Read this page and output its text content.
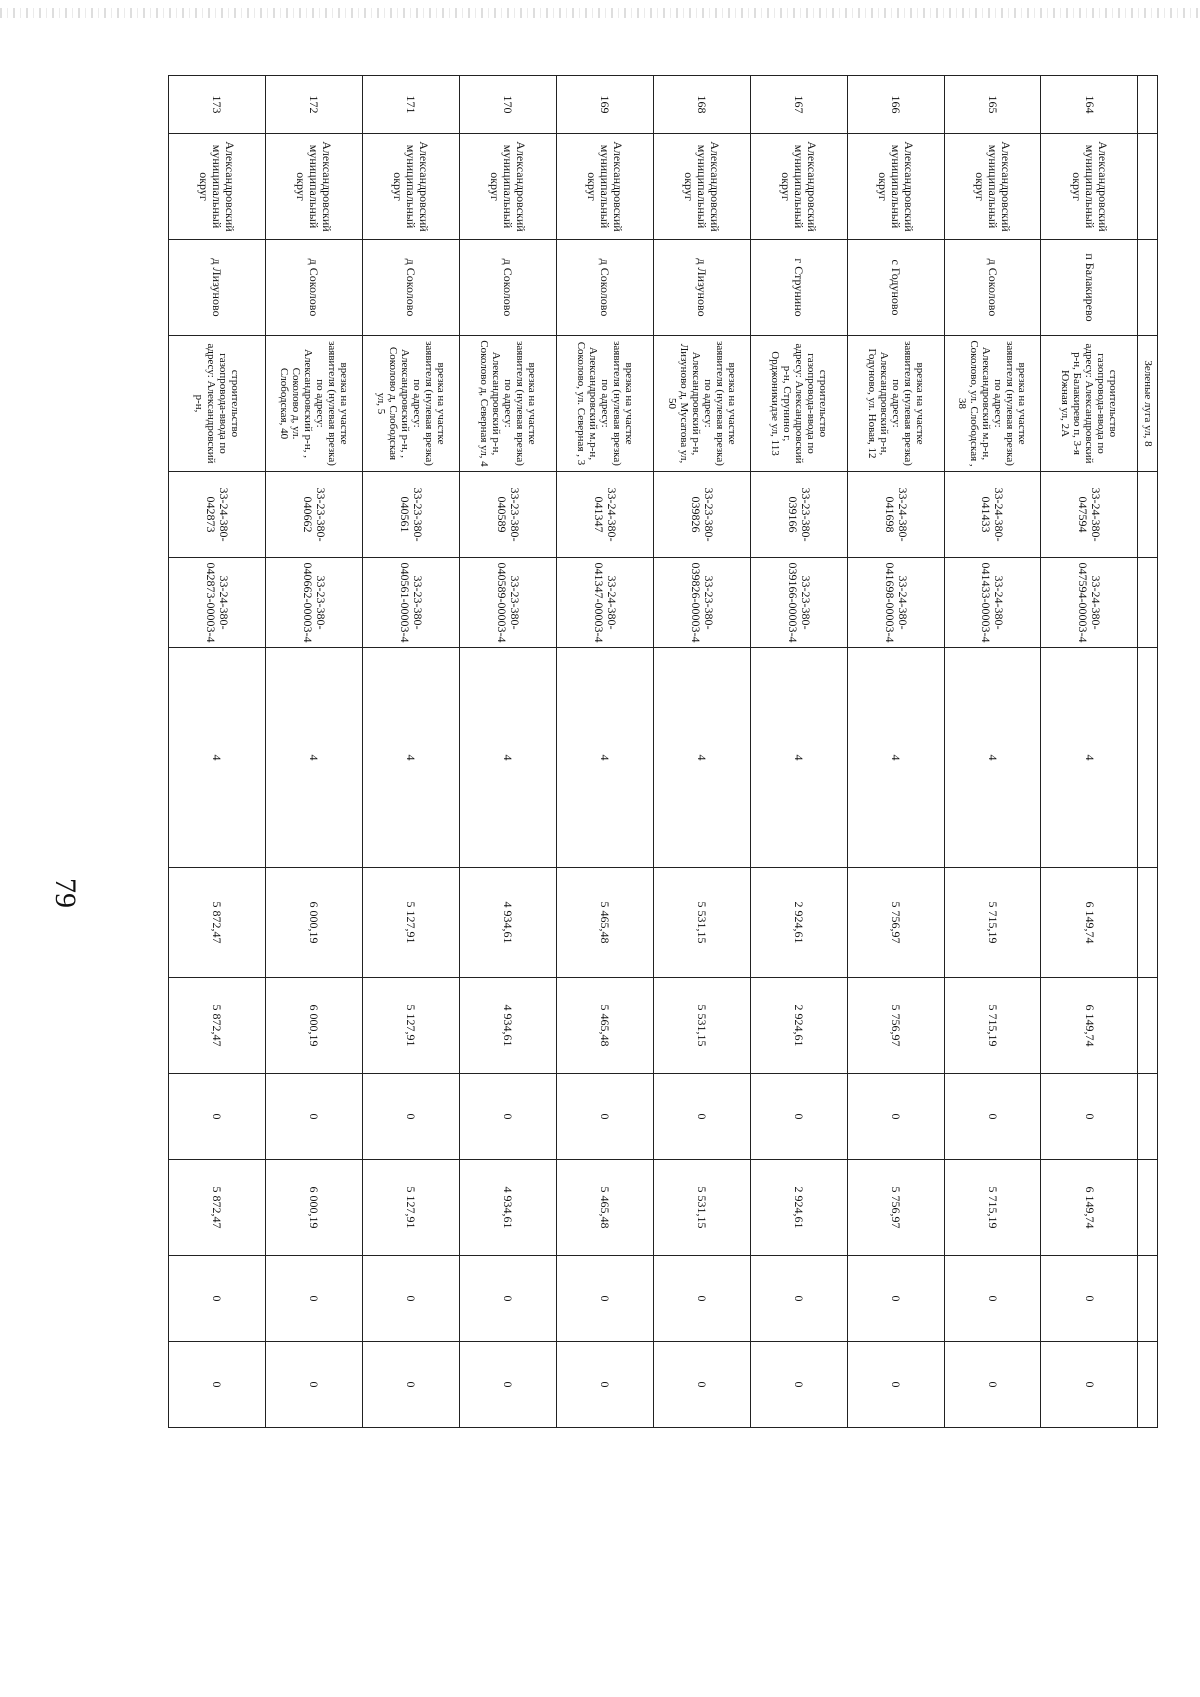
79
			Зеленые луга ул, 8									
164	Александровский муниципальный округ	п Балакирево	строительство газопровода-ввода по адресу: Александровский р-н, Балакирево п, 3-я Южная ул, 2А	33-24-380-047594	33-24-380-047594-00003-4	4	6 149,74	6 149,74	0	6 149,74	0	0
165	Александровский муниципальный округ	д Соколово	врезка на участке заявителя (нулевая врезка) по адресу: Александровский м.р-н, Соколово, ул. Слободская , 38	33-24-380-041433	33-24-380-041433-00003-4	4	5 715,19	5 715,19	0	5 715,19	0	0
166	Александровский муниципальный округ	с Годуново	врезка на участке заявителя (нулевая врезка) по адресу: Александровский р-н, Годуново, ул. Новая, 12	33-24-380-041698	33-24-380-041698-00003-4	4	5 756,97	5 756,97	0	5 756,97	0	0
167	Александровский муниципальный округ	г Струнино	строительство газопровода-ввода по адресу: Александровский р-н, Струнино г, Орджоникидзе ул, 113	33-23-380-039166	33-23-380-039166-00003-4	4	2 924,61	2 924,61	0	2 924,61	0	0
168	Александровский муниципальный округ	д Лизуново	врезка на участке заявителя (нулевая врезка) по адресу: Александровский р-н, Лизуново д, Мусатова ул, 50	33-23-380-039826	33-23-380-039826-00003-4	4	5 531,15	5 531,15	0	5 531,15	0	0
169	Александровский муниципальный округ	д Соколово	врезка на участке заявителя (нулевая врезка) по адресу: Александровский м.р-н, Соколово, ул. Северная , 3	33-24-380-041347	33-24-380-041347-00003-4	4	5 465,48	5 465,48	0	5 465,48	0	0
170	Александровский муниципальный округ	д Соколово	врезка на участке заявителя (нулевая врезка) по адресу: Александровский р-н, Соколово д, Северная ул, 4	33-23-380-040589	33-23-380-040589-00003-4	4	4 934,61	4 934,61	0	4 934,61	0	0
171	Александровский муниципальный округ	д Соколово	врезка на участке заявителя (нулевая врезка) по адресу: Александровский р-н, , Соколово д, Слободская ул, 5	33-23-380-040561	33-23-380-040561-00003-4	4	5 127,91	5 127,91	0	5 127,91	0	0
172	Александровский муниципальный округ	д Соколово	врезка на участке заявителя (нулевая врезка) по адресу: Александровский р-н, , Соколово д, ул. Слободская, 40	33-23-380-040662	33-23-380-040662-00003-4	4	6 000,19	6 000,19	0	6 000,19	0	0
173	Александровский муниципальный округ	д Лизуново	строительство газопровода-ввода по адресу: Александровский р-н,	33-24-380-042873	33-24-380-042873-00003-4	4	5 872,47	5 872,47	0	5 872,47	0	0
